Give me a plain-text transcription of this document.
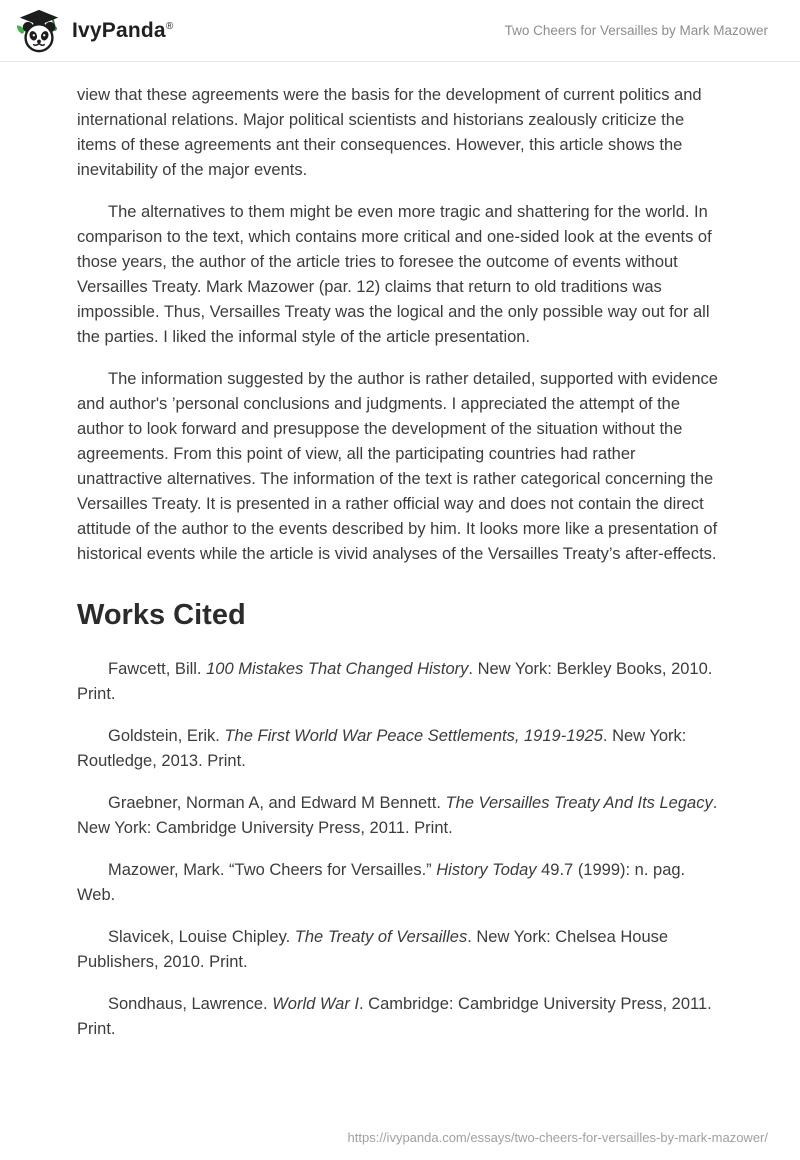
IvyPanda®	Two Cheers for Versailles by Mark Mazower

view that these agreements were the basis for the development of current politics and international relations. Major political scientists and historians zealously criticize the items of these agreements ant their consequences. However, this article shows the inevitability of the major events.

The alternatives to them might be even more tragic and shattering for the world. In comparison to the text, which contains more critical and one-sided look at the events of those years, the author of the article tries to foresee the outcome of events without Versailles Treaty. Mark Mazower (par. 12) claims that return to old traditions was impossible. Thus, Versailles Treaty was the logical and the only possible way out for all the parties. I liked the informal style of the article presentation.

The information suggested by the author is rather detailed, supported with evidence and author's ’personal conclusions and judgments. I appreciated the attempt of the author to look forward and presuppose the development of the situation without the agreements. From this point of view, all the participating countries had rather unattractive alternatives. The information of the text is rather categorical concerning the Versailles Treaty. It is presented in a rather official way and does not contain the direct attitude of the author to the events described by him. It looks more like a presentation of historical events while the article is vivid analyses of the Versailles Treaty’s after-effects.

Works Cited

Fawcett, Bill. 100 Mistakes That Changed History. New York: Berkley Books, 2010. Print.

Goldstein, Erik. The First World War Peace Settlements, 1919-1925. New York: Routledge, 2013. Print.

Graebner, Norman A, and Edward M Bennett. The Versailles Treaty And Its Legacy. New York: Cambridge University Press, 2011. Print.

Mazower, Mark. “Two Cheers for Versailles.” History Today 49.7 (1999): n. pag. Web.

Slavicek, Louise Chipley. The Treaty of Versailles. New York: Chelsea House Publishers, 2010. Print.

Sondhaus, Lawrence. World War I. Cambridge: Cambridge University Press, 2011. Print.

https://ivypanda.com/essays/two-cheers-for-versailles-by-mark-mazower/
